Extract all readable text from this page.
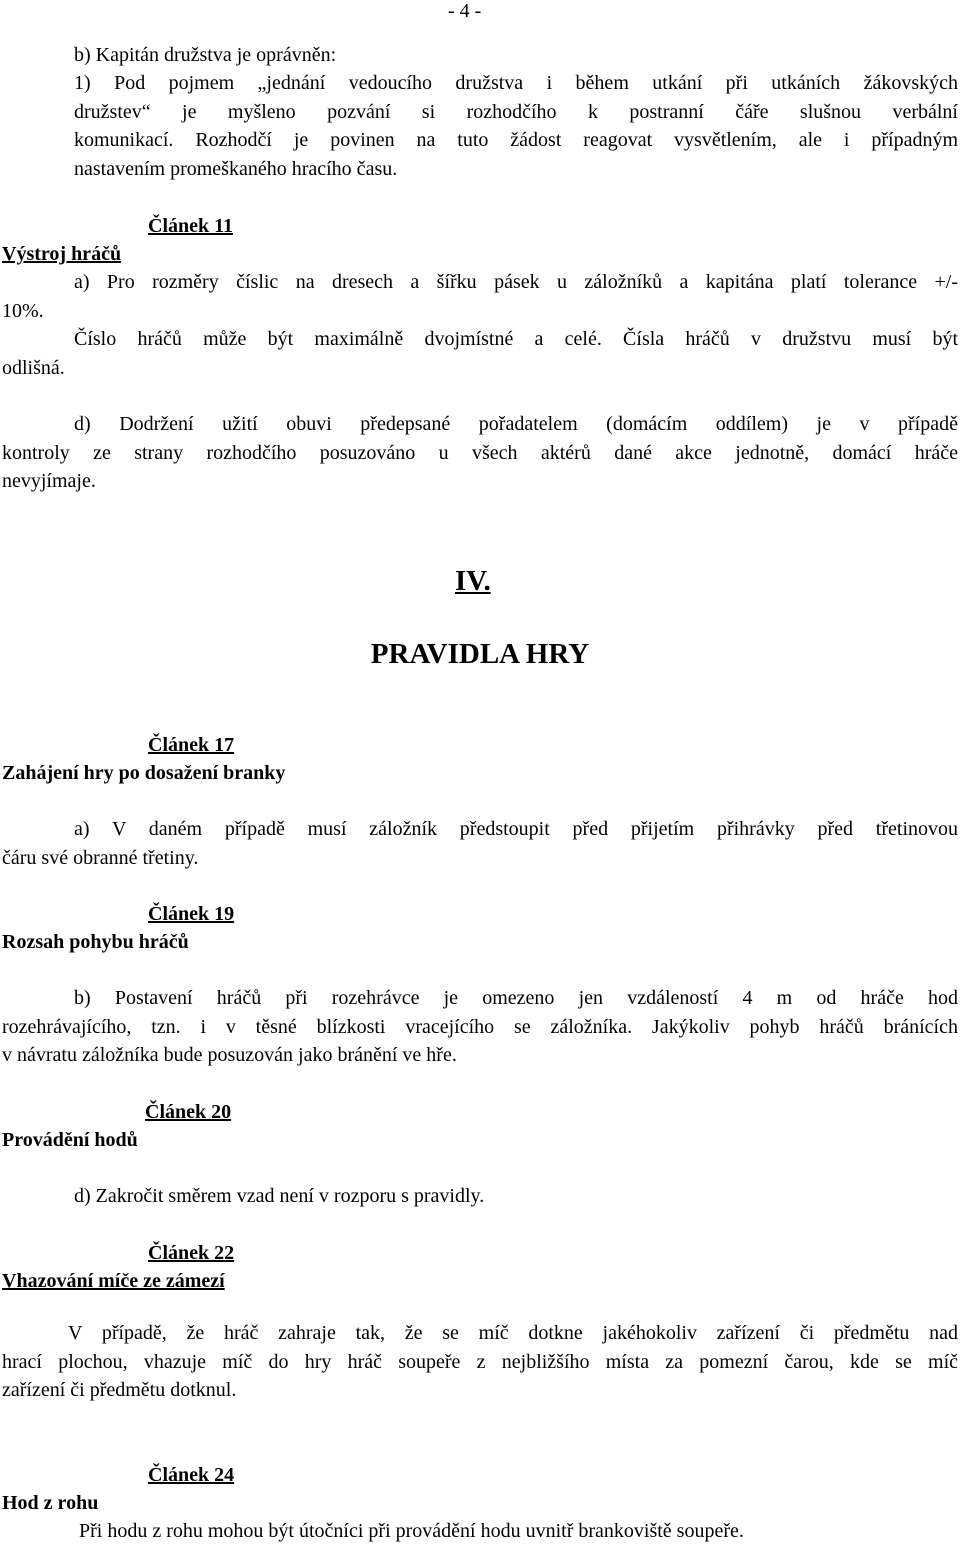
- 4 -
b) Kapitán družstva je oprávněn:
1) Pod pojmem „jednání vedoucího družstva i během utkání při utkáních žákovských
družstev“ je myšleno pozvání si rozhodčího k postranní čáře slušnou verbální
komunikací. Rozhodčí je povinen na tuto žádost reagovat vysvětlením, ale i případným
nastavením promeškaného hracího času.
Článek 11
Výstroj hráčů
a) Pro rozměry číslic na dresech a šířku pásek u záložníků a kapitána platí tolerance +/-
10%.
Číslo hráčů může být maximálně dvojmístné a celé. Čísla hráčů v družstvu musí být
odlišná.
d) Dodržení užití obuvi předepsané pořadatelem (domácím oddílem) je v případě
kontroly ze strany rozhodčího posuzováno u všech aktérů dané akce jednotně, domácí hráče
nevyjímaje.
IV.
PRAVIDLA HRY
Článek 17
Zahájení hry po dosažení branky
a) V daném případě musí záložník předstoupit před přijetím přihrávky před třetinovou
čáru své obranné třetiny.
Článek 19
Rozsah pohybu hráčů
b) Postavení hráčů při rozehrávce je omezeno jen vzdáleností 4 m od hráče hod
rozehrávajícího, tzn. i v těsné blízkosti vracejícího se záložníka. Jakýkoliv pohyb hráčů bránících
v návratu záložníka bude posuzován jako bránění ve hře.
Článek 20
Provádění hodů
d) Zakročit směrem vzad není v rozporu s pravidly.
Článek 22
Vhazování míče ze zámezí
V případě, že hráč zahraje tak, že se míč dotkne jakéhokoliv zařízení či předmětu nad
hrací plochou, vhazuje míč do hry hráč soupeře z nejbližšího místa za pomezní čarou, kde se míč
zařízení či předmětu dotknul.
Článek 24
Hod z rohu
Při hodu z rohu mohou být útočníci při provádění hodu uvnitř brankoviště soupeře.
